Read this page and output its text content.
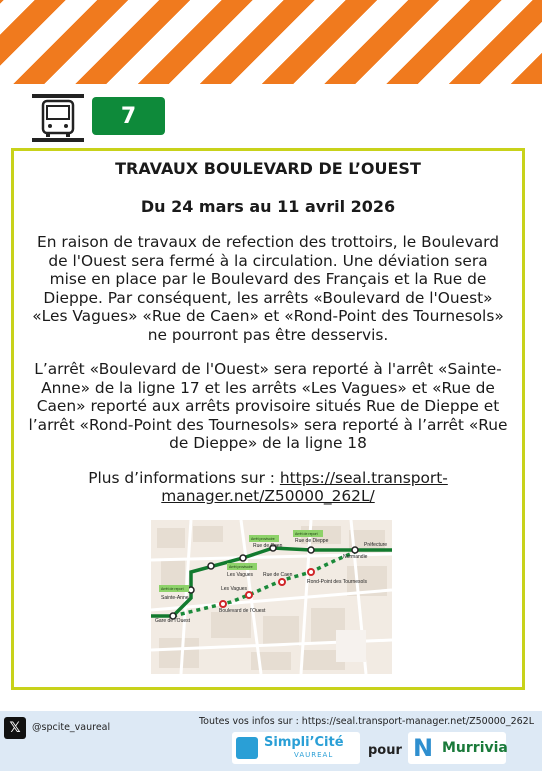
7
TRAVAUX BOULEVARD DE L’OUEST
Du 24 mars au 11 avril 2026
En raison de travaux de refection des trottoirs, le Boulevard de l'Ouest sera fermé à la circulation. Une déviation sera mise en place par le Boulevard des Français et la Rue de Dieppe. Par conséquent, les arrêts «Boulevard de l'Ouest» «Les Vagues» «Rue de Caen» et «Rond-Point des Tournesols» ne pourront pas être desservis.
L’arrêt «Boulevard de l'Ouest» sera reporté à l'arrêt «Sainte-Anne» de la ligne 17 et les arrêts «Les Vagues» et «Rue de Caen» reporté aux arrêts provisoire situés Rue de Dieppe et l’arrêt «Rond-Point des Tournesols» sera reporté à l’arrêt «Rue de Dieppe» de la ligne 18
Plus d’informations sur : https://seal.transport-manager.net/Z50000_262L/
Préfecture
Normandie
Rue de Dieppe
Rue de Caen
Les Vagues Rue de Caen
Rond-Point des Tournesols
Les Vagues
Sainte-Anne
Boulevard de l’Ouest
Gare de l’Ouest
Arrêt de report
Arrêt provisoire
Arrêt provisoire
Arrêt de report
𝕏	@spcite_vaureal
Toutes vos infos sur : https://seal.transport-manager.net/Z50000_262L
Simpli’Cité
VAUREAL	pour N Murrivia
